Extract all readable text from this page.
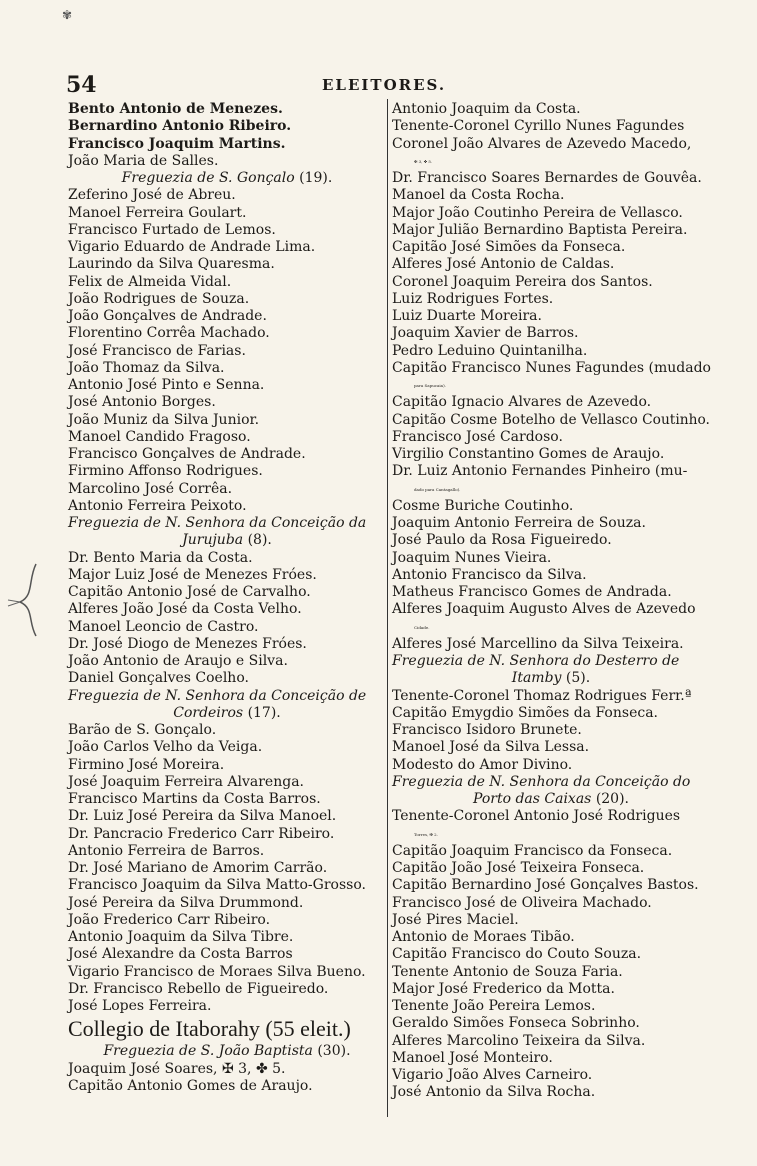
✾
54	ELEITORES.
Bento Antonio de Menezes.
Bernardino Antonio Ribeiro.
Francisco Joaquim Martins.
João Maria de Salles.
Freguezia de S. Gonçalo (19).
Zeferino José de Abreu.
Manoel Ferreira Goulart.
Francisco Furtado de Lemos.
Vigario Eduardo de Andrade Lima.
Laurindo da Silva Quaresma.
Felix de Almeida Vidal.
João Rodrigues de Souza.
João Gonçalves de Andrade.
Florentino Corrêa Machado.
José Francisco de Farias.
João Thomaz da Silva.
Antonio José Pinto e Senna.
José Antonio Borges.
João Muniz da Silva Junior.
Manoel Candido Fragoso.
Francisco Gonçalves de Andrade.
Firmino Affonso Rodrigues.
Marcolino José Corrêa.
Antonio Ferreira Peixoto.
Freguezia de N. Senhora da Conceição da
Jurujuba (8).
Dr. Bento Maria da Costa.
Major Luiz José de Menezes Fróes.
Capitão Antonio José de Carvalho.
Alferes João José da Costa Velho.
Manoel Leoncio de Castro.
Dr. José Diogo de Menezes Fróes.
João Antonio de Araujo e Silva.
Daniel Gonçalves Coelho.
Freguezia de N. Senhora da Conceição de
Cordeiros (17).
Barão de S. Gonçalo.
João Carlos Velho da Veiga.
Firmino José Moreira.
José Joaquim Ferreira Alvarenga.
Francisco Martins da Costa Barros.
Dr. Luiz José Pereira da Silva Manoel.
Dr. Pancracio Frederico Carr Ribeiro.
Antonio Ferreira de Barros.
Dr. José Mariano de Amorim Carrão.
Francisco Joaquim da Silva Matto-Grosso.
José Pereira da Silva Drummond.
João Frederico Carr Ribeiro.
Antonio Joaquim da Silva Tibre.
José Alexandre da Costa Barros
Vigario Francisco de Moraes Silva Bueno.
Dr. Francisco Rebello de Figueiredo.
José Lopes Ferreira.
Collegio de Itaborahy (55 eleit.)
Freguezia de S. João Baptista (30).
Joaquim José Soares, ✠ 3, ✤ 5.
Capitão Antonio Gomes de Araujo.
Antonio Joaquim da Costa.
Tenente-Coronel Cyrillo Nunes Fagundes
Coronel João Alvares de Azevedo Macedo,
✠ 3, ✤ 5.
Dr. Francisco Soares Bernardes de Gouvêa.
Manoel da Costa Rocha.
Major João Coutinho Pereira de Vellasco.
Major Julião Bernardino Baptista Pereira.
Capitão José Simões da Fonseca.
Alferes José Antonio de Caldas.
Coronel Joaquim Pereira dos Santos.
Luiz Rodrigues Fortes.
Luiz Duarte Moreira.
Joaquim Xavier de Barros.
Pedro Leduino Quintanilha.
Capitão Francisco Nunes Fagundes (mudado
para Sapucaia).
Capitão Ignacio Alvares de Azevedo.
Capitão Cosme Botelho de Vellasco Coutinho.
Francisco José Cardoso.
Virgilio Constantino Gomes de Araujo.
Dr. Luiz Antonio Fernandes Pinheiro (mu-
dado para Cantagallo).
Cosme Buriche Coutinho.
Joaquim Antonio Ferreira de Souza.
José Paulo da Rosa Figueiredo.
Joaquim Nunes Vieira.
Antonio Francisco da Silva.
Matheus Francisco Gomes de Andrada.
Alferes Joaquim Augusto Alves de Azevedo
Cidade.
Alferes José Marcellino da Silva Teixeira.
Freguezia de N. Senhora do Desterro de
Itamby (5).
Tenente-Coronel Thomaz Rodrigues Ferr.ª
Capitão Emygdio Simões da Fonseca.
Francisco Isidoro Brunete.
Manoel José da Silva Lessa.
Modesto do Amor Divino.
Freguezia de N. Senhora da Conceição do
Porto das Caixas (20).
Tenente-Coronel Antonio José Rodrigues
Torres, ✠ 2.
Capitão Joaquim Francisco da Fonseca.
Capitão João José Teixeira Fonseca.
Capitão Bernardino José Gonçalves Bastos.
Francisco José de Oliveira Machado.
José Pires Maciel.
Antonio de Moraes Tibão.
Capitão Francisco do Couto Souza.
Tenente Antonio de Souza Faria.
Major José Frederico da Motta.
Tenente João Pereira Lemos.
Geraldo Simões Fonseca Sobrinho.
Alferes Marcolino Teixeira da Silva.
Manoel José Monteiro.
Vigario João Alves Carneiro.
José Antonio da Silva Rocha.
